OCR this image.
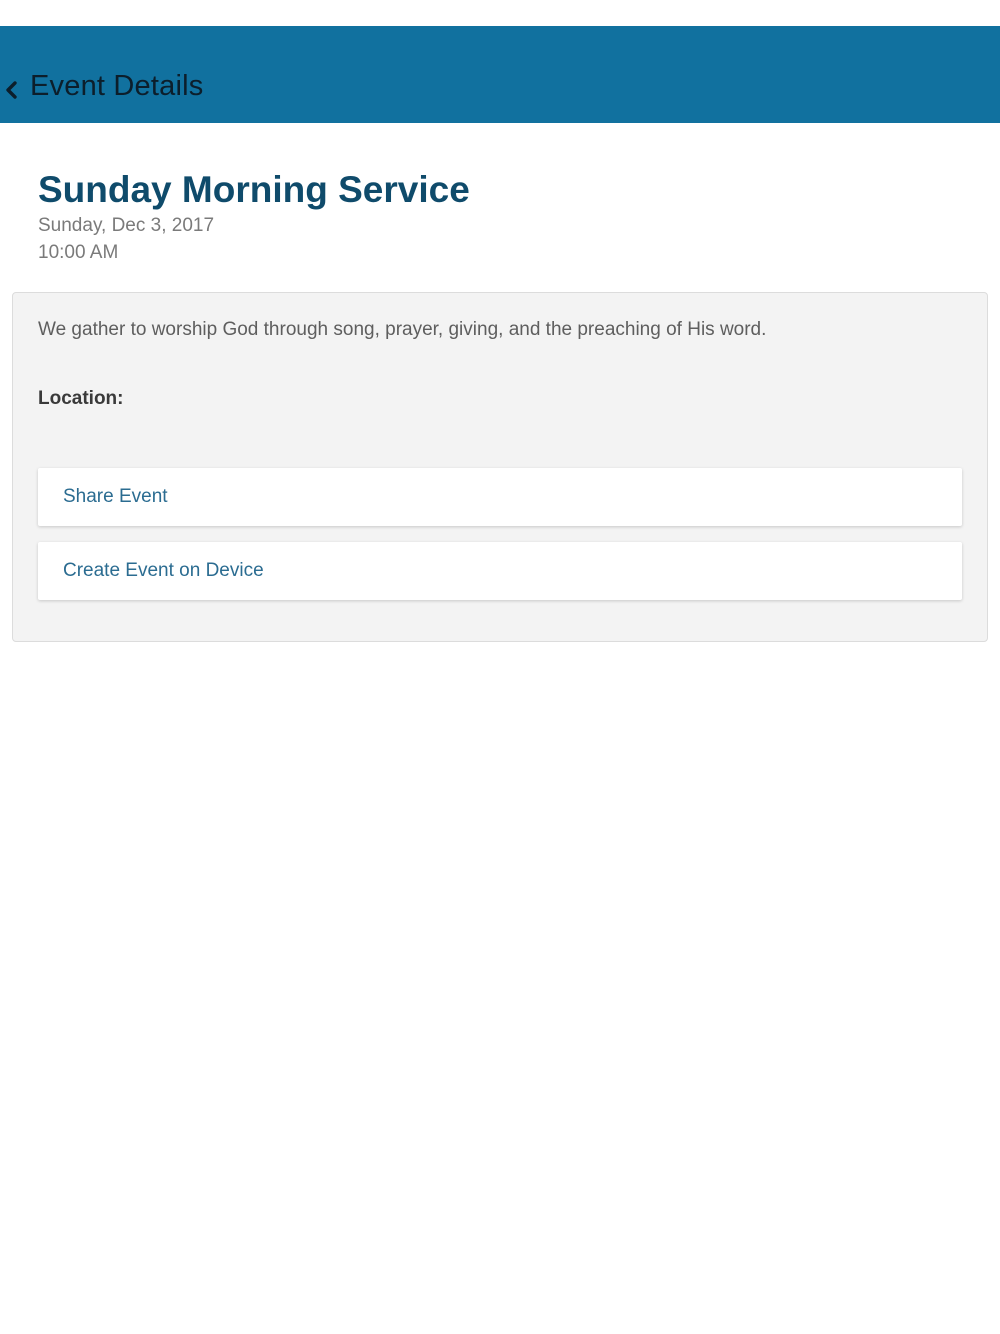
Event Details
Sunday Morning Service
Sunday, Dec 3, 2017
10:00 AM
We gather to worship God through song, prayer, giving, and the preaching of His word.
Location:
Share Event
Create Event on Device
